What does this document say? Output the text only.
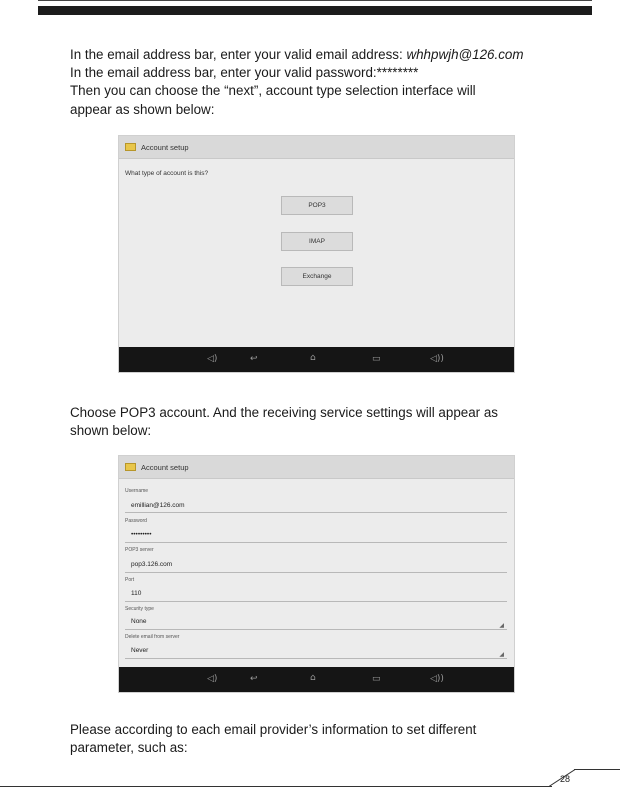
In the email address bar, enter your valid email address: whhpwjh@126.com
In the email address bar, enter your valid password:********
Then you can choose the “next”, account type selection interface will
appear as shown below:
Account setup
What type of account is this?
POP3
IMAP
Exchange
◁)	↩	⌂	▭	◁))
Choose POP3 account. And the receiving service settings will appear as
shown below:
Account setup
Username
emillian@126.com
Password
•••••••••
POP3 server
pop3.126.com
Port
110
Security type
None
◢
Delete email from server
Never
◢
◁)	↩	⌂	▭	◁))
Please according to each email provider’s information to set different
parameter, such as:
28
